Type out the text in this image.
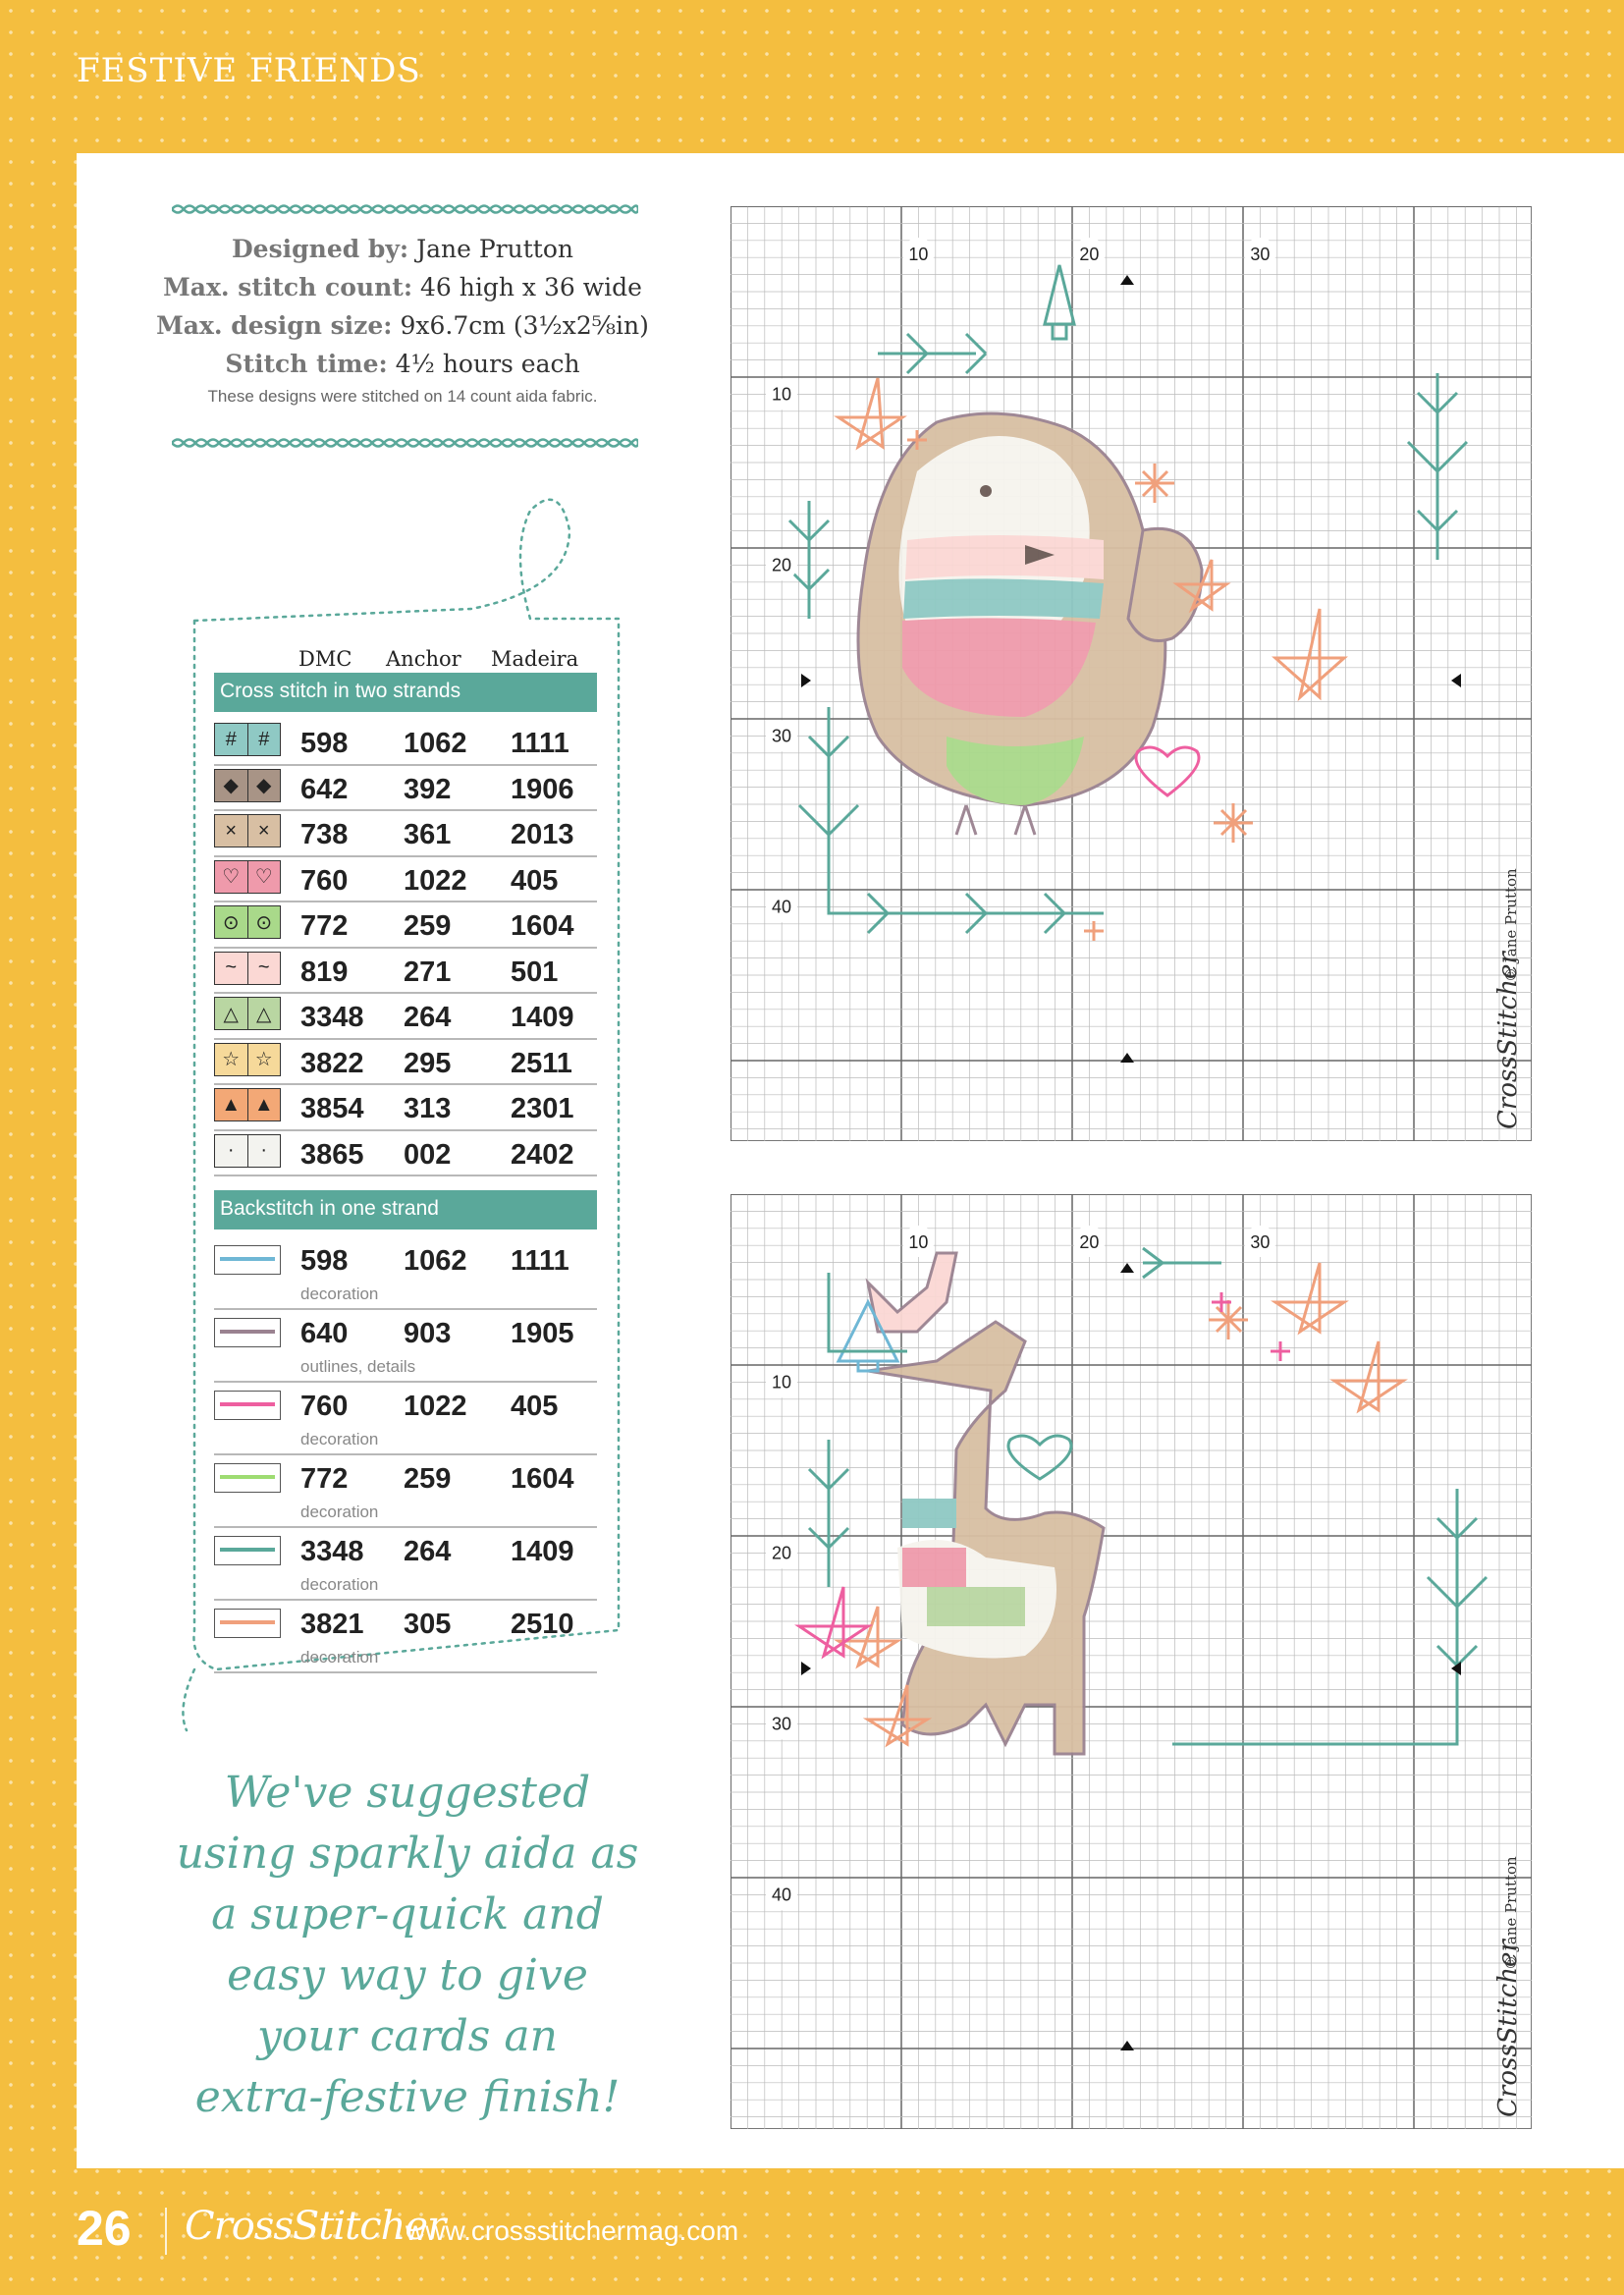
FESTIVE FRIENDS
Designed by: Jane Prutton
Max. stitch count: 46 high x 36 wide
Max. design size: 9x6.7cm (3½x2⅝in)
Stitch time: 4½ hours each
These designs were stitched on 14 count aida fabric.
DMC Anchor Madeira
Cross stitch in two strands
#	#	598 1062 1111
◆ ◆ 642 392 1906
×	×	738 361 2013
♡ ♡ 760 1022 405
⊙ ⊙ 772 259 1604
~	~	819 271 501
△ △ 3348 264 1409
☆ ☆ 3822 295 2511
▲ ▲ 3854 313 2301
·	·	3865 002 2402
Backstitch in one strand
598 1062 1111
decoration
640 903 1905
outlines, details
760 1022 405
decoration
772 259 1604
decoration
3348 264 1409
decoration
3821 305 2510
decoration
We've suggested
using sparkly aida as
a super-quick and
easy way to give
your cards an
extra-festive finish!
10	20	30
10
20
30
40
CrossStitcher
© Jane Prutton
10	20	30
10
20
30
40
CrossStitcher
© Jane Prutton
26 CrossStitcher
www.crossstitchermag.com
